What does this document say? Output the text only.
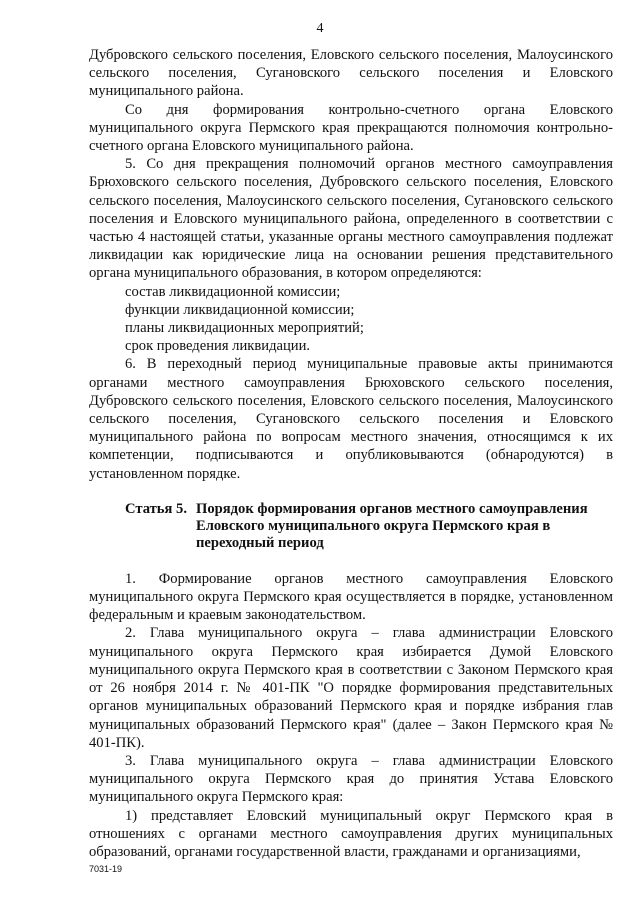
4

Дубровского сельского поселения, Еловского сельского поселения, Малоусинского сельского поселения, Сугановского сельского поселения и Еловского муниципального района.

Со дня формирования контрольно-счетного органа Еловского муниципального округа Пермского края прекращаются полномочия контрольно-счетного органа Еловского муниципального района.

5. Со дня прекращения полномочий органов местного самоуправления Брюховского сельского поселения, Дубровского сельского поселения, Еловского сельского поселения, Малоусинского сельского поселения, Сугановского сельского поселения и Еловского муниципального района, определенного в соответствии с частью 4 настоящей статьи, указанные органы местного самоуправления подлежат ликвидации как юридические лица на основании решения представительного органа муниципального образования, в котором определяются:

состав ликвидационной комиссии;

функции ликвидационной комиссии;

планы ликвидационных мероприятий;

срок проведения ликвидации.

6. В переходный период муниципальные правовые акты принимаются органами местного самоуправления Брюховского сельского поселения, Дубровского сельского поселения, Еловского сельского поселения, Малоусинского сельского поселения, Сугановского сельского поселения и Еловского муниципального района по вопросам местного значения, относящимся к их компетенции, подписываются и опубликовываются (обнародуются) в установленном порядке.

Статья 5. Порядок формирования органов местного самоуправления Еловского муниципального округа Пермского края в переходный период

1. Формирование органов местного самоуправления Еловского муниципального округа Пермского края осуществляется в порядке, установленном федеральным и краевым законодательством.

2. Глава муниципального округа – глава администрации Еловского муниципального округа Пермского края избирается Думой Еловского муниципального округа Пермского края в соответствии с Законом Пермского края от 26 ноября 2014 г. № 401-ПК "О порядке формирования представительных органов муниципальных образований Пермского края и порядке избрания глав муниципальных образований Пермского края" (далее – Закон Пермского края № 401-ПК).

3. Глава муниципального округа – глава администрации Еловского муниципального округа Пермского края до принятия Устава Еловского муниципального округа Пермского края:

1) представляет Еловский муниципальный округ Пермского края в отношениях с органами местного самоуправления других муниципальных образований, органами государственной власти, гражданами и организациями,

7031-19
